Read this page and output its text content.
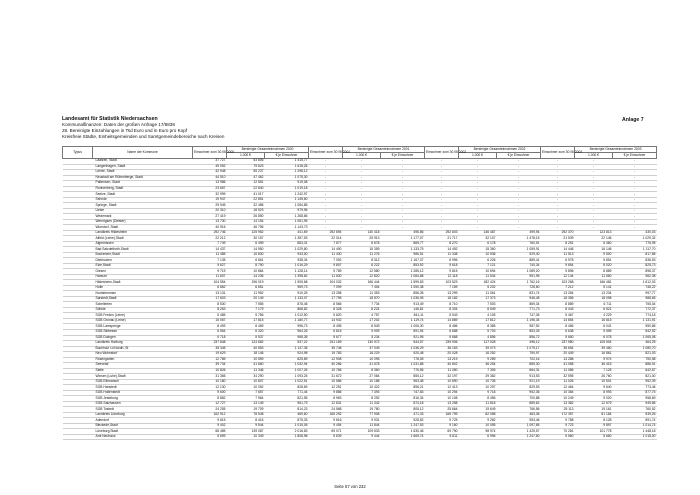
Landesamt für Statistik Niedersachsen
Kommunalfinanzen: Daten der großen Anfrage 17/8838
28. Bereinigte Einzahlungen in Tsd Euro und in Euro pro Kopf
Kreisfreie Städte, Einheitsgemeinden und Samtgemeindebereiche nach Kreisen
Anlage 7
Typus	Name der Kommune	Einwohner zum 30.06.2000	Bereinigte Gesamteinnahmen 2000		Einwohner zum 30.06.2001	Bereinigte Gesamteinnahmen 2001		Einwohner zum 30.06.2002	Bereinigte Gesamteinnahmen 2002		Einwohner zum 30.06.2003	Bereinigte Gesamteinnahmen 2003	
			1.000 €	€ je Einwohner		1.000 €	€ je Einwohner		1.000 €	€ je Einwohner		1.000 €	€ je Einwohner
	Laatzen, Stadt	37 727	53 806	1 415,77	-	-	-	-	-	-	-	-	-
	Langenhagen, Stadt	49 052	79 623	1 618,26	-	-	-	-	-	-	-	-	-
	Lehrte, Stadt	42 948	55 237	1 298,12	-	-	-	-	-	-	-	-	-
	Neustadt am Rübenberge, Stadt	44 510	47 462	1 075,30	-	-	-	-	-	-	-	-	-
	Pattensen, Stadt	13 986	12 551	919,08	-	-	-	-	-	-	-	-	-
	Ronnenberg, Stadt	23 667	22 840	1 019,18	-	-	-	-	-	-	-	-	-
	Seelze, Stadt	32 999	41 017	1 242,97	-	-	-	-	-	-	-	-	-
	Sehnde	19 947	22 851	1 145,60	-	-	-	-	-	-	-	-	-
	Springe, Stadt	29 945	32 486	1 084,85	-	-	-	-	-	-	-	-	-
	Uetze	20 310	18 923	979,96	-	-	-	-	-	-	-	-	-
	Wedemark	27 419	26 850	1 268,86	-	-	-	-	-	-	-	-	-
	Wennigsen (Deister)	13 730	14 154	1 061,95	-	-	-	-	-	-	-	-	-
	Wunstorf, Stadt	40 916	46 796	1 143,73	-	-	-	-	-	-	-	-	-
	Landkreis Hildesheim	292 746	125 952	441,69	292 894	140 418	496,86	292 603	146 487	499,94	292 370	123 813	430,03
	Alfeld (Leine),Stadt	22 212	30 157	1 357,53	22 014	25 913	1 177,07	21 717	32 107	1 478,15	21 539	22 146	1 029,32
	Algermissen	7 749	6 499	863,31	7 677	6 678	869,77	8 270	6 178	760,91	8 251	6 460	776,95
	Bad Salzdetfurth,Stadt	14 437	14 950	1 029,80	14 490	15 359	1 133,75	14 492	15 360	1 059,91	14 446	16 146	1 117,70
	Bockenem,Stadt	11 485	10 830	943,00	11 430	11 276	986,51	11 338	10 536	929,40	11 513	9 500	817,86
	Diekholzen	7 135	6 661	938,34	7 092	8 312	1 167,37	6 996	6 226	889,41	6 978	5 851	836,53
	Elze,Stadt	9 627	8 790	1 016,29	9 807	8 222	853,92	9 618	7 121	740,34	9 654	8 020	825,73
	Giesen	9 719	10 864	1 128,14	9 789	12 580	1 285,12	9 815	10 694	1 089,20	9 896	8 889	898,37
	Harsum	11 607	14 236	1 398,82	11 630	12 820	1 084,68	12 118	11 534	951,95	12 144	11 650	982,38
	Hildesheim,Stadt	104 554	196 019	1 905,68	104 032	166 444	1 599,83	103 523	182 424	1 762,16	103 268	166 481	1 612,03
	Holle	6 862	6 651	969,73	7 099	7 404	1 050,38	7 159	5 202	726,60	7 212	5 141	746,22
	Nordstemmen	13 131	11 952	910,25	13 258	11 353	856,35	13 299	11 061	831,74	13 264	13 234	997,77
	Sarstedt,Stadt	17 603	20 149	1 133,07	17 795	18 870	1 036,05	18 182	17 373	946,45	18 356	18 098	988,65
	Schellerten	8 530	7 555	878,46	8 566	7 734	913,49	8 710	7 503	869,34	8 889	6 711	755,04
	Söhlde	8 263	7 179	868,82	8 328	8 224	146,81	8 304	8 549	771,73	8 443	6 521	772,37
	SGB Freden (Leine)	5 485	5 756	1 012,50	5 620	4 757	841,11	5 543	4 105	747,36	5 467	4 229	774,18
	SGB Gronau (Leine)	15 067	17 815	1 180,77	14 932	17 202	1 119,74	14 889	17 812	1 196,34	14 854	16 815	1 131,91
	SGB Lamspringe	8 493	8 459	996,73	8 495	8 549	1 006,30	8 486	8 385	987,52	8 456	6 041	950,86
	SGB Sibbesse	6 554	6 320	964,26	6 615	5 909	891,94	6 688	5 703	853,25	6 638	5 595	842,92
	SGB Duingen	5 718	5 537	968,35	5 677	5 234	921,95	5 668	4 856	856,72	5 650	6 078	1 065,08
	Landkreis Harburg	237 848	124 682	537,22	241 169	130 972	544,57	239 906	117 028	496,12	237 980	105 504	464,25
	Buchholz i.d.Nordh.,St	35 345	40 553	1 147,36	35 748	37 049	1 036,29	36 153	39 073	1 079,17	36 654	39 460	1 080,70
	Neu Wulmstorf	19 629	18 146	924,98	19 783	18 229	920,48	20 028	16 252	790,97	20 449	16 861	821,03
	Rosengarten	12 785	10 559	825,89	12 908	10 095	778,05	13 219	9 289	702,16	13 288	9 974	750,58
	Seevetal	39 734	41 660	1 042,94	40 266	41 578	1 031,88	40 802	36 254	889,30	41 058	36 415	886,91
	Stelle	10 826	11 346	1 007,26	10 766	8 360	776,56	11 050	7 305	664,31	11 086	7 125	642,67
	Winsen (Luhe),Stadt	31 365	34 290	1 093,25	31 672	27 084	855,12	32 197	29 382	913,53	32 595	26 760	821,00
	SGB Elbmarsch	10 180	10 807	1 022,51	10 586	10 188	963,48	10 890	10 735	921,19	11 026	10 501	952,39
	SGB Hanstedt	12 130	10 052	828,69	12 251	10 422	856,21	12 413	10 297	829,53	12 464	9 640	773,46
	SGB Hollenstedt	9 600	7 657	771,44	9 886	7 393	747,83	10 294	9 718	952,36	10 364	8 993	877,75
	SGB Jesteburg	8 882	7 964	821,55	8 963	8 292	816,34	10 108	8 456	700,88	10 249	9 020	958,69
	SGB Salzhausen	12 727	13 149	961,79	12 831	11 342	874,18	13 258	11 818	889,62	13 382	12 679	949,86
	SGB Tostedt	24 255	19 709	814,23	24 568	19 780	805,12	25 664	19 649	766,56	25 113	19 161	760,52
	Landkreis Lüneburg	162 912	78 548	469,60	165 292	77 908	471,33	165 799	82 058	483,36	172 357	81 184	539,26
	Adendorf	9 615	8 416	875,33	9 616	9 931	928,82	9 725	9 282	953,46	9 768	8 128	891,74
	Bleckede,Stadt	9 402	9 544	1 015,05	9 494	11 844	1 247,53	9 160	10 055	1 097,65	9 723	9 897	1 014,74
	Lüneburg,Stadt	68 485	139 087	2 016,83	69 071	109 533	1 630,46	69 790	98 974	1 425,57	70 281	101 778	1 448,18
	Amt Neuhaus	5 699	10 349	1 808,98	5 639	9 444	1 669,74	5 611	6 996	1 247,50	5 560	5 650	1 018,00
Seite 57 von 232
